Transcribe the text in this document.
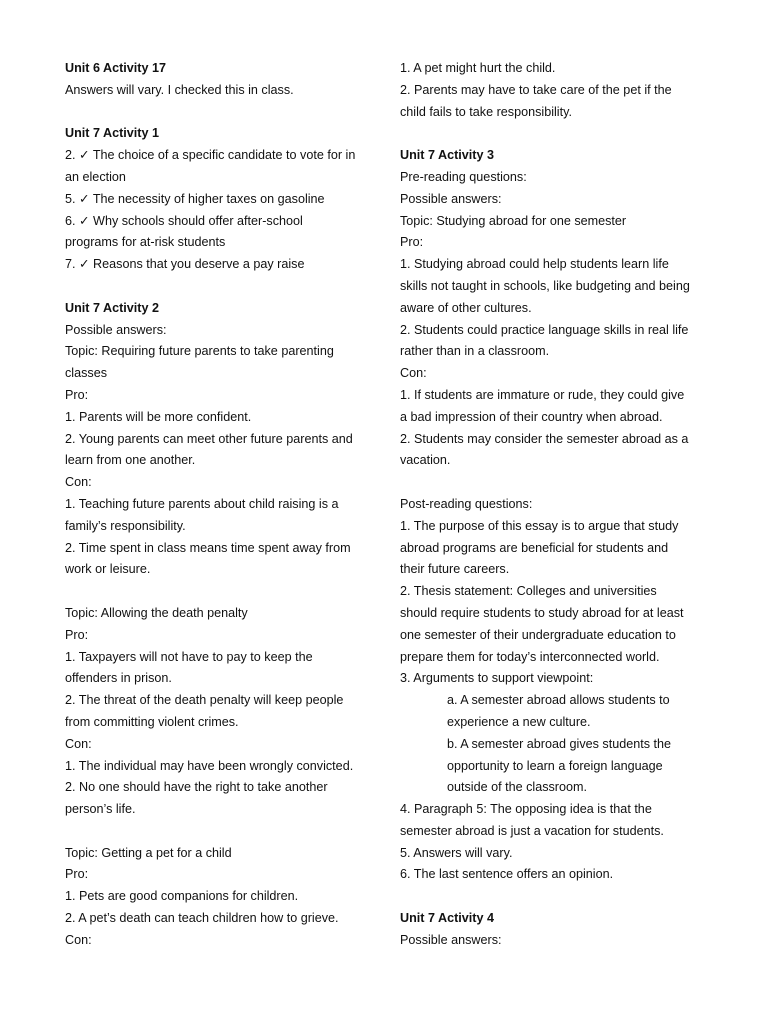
Unit 6 Activity 17
Answers will vary. I checked this in class.
Unit 7 Activity 1
2. ✓ The choice of a specific candidate to vote for in
an election
5. ✓ The necessity of higher taxes on gasoline
6. ✓ Why schools should offer after-school
programs for at-risk students
7. ✓ Reasons that you deserve a pay raise
Unit 7 Activity 2
Possible answers:
Topic: Requiring future parents to take parenting
classes
Pro:
1. Parents will be more confident.
2. Young parents can meet other future parents and
learn from one another.
Con:
1. Teaching future parents about child raising is a
family’s responsibility.
2. Time spent in class means time spent away from
work or leisure.
Topic: Allowing the death penalty
Pro:
1. Taxpayers will not have to pay to keep the
offenders in prison.
2. The threat of the death penalty will keep people
from committing violent crimes.
Con:
1. The individual may have been wrongly convicted.
2. No one should have the right to take another
person’s life.
Topic: Getting a pet for a child
Pro:
1. Pets are good companions for children.
2. A pet’s death can teach children how to grieve.
Con:
1. A pet might hurt the child.
2. Parents may have to take care of the pet if the
child fails to take responsibility.
Unit 7 Activity 3
Pre-reading questions:
Possible answers:
Topic: Studying abroad for one semester
Pro:
1. Studying abroad could help students learn life
skills not taught in schools, like budgeting and being
aware of other cultures.
2. Students could practice language skills in real life
rather than in a classroom.
Con:
1. If students are immature or rude, they could give
a bad impression of their country when abroad.
2. Students may consider the semester abroad as a
vacation.
Post-reading questions:
1. The purpose of this essay is to argue that study
abroad programs are beneficial for students and
their future careers.
2. Thesis statement: Colleges and universities
should require students to study abroad for at least
one semester of their undergraduate education to
prepare them for today’s interconnected world.
3. Arguments to support viewpoint:
a. A semester abroad allows students to
experience a new culture.
b. A semester abroad gives students the
opportunity to learn a foreign language
outside of the classroom.
4. Paragraph 5: The opposing idea is that the
semester abroad is just a vacation for students.
5. Answers will vary.
6. The last sentence offers an opinion.
Unit 7 Activity 4
Possible answers:
